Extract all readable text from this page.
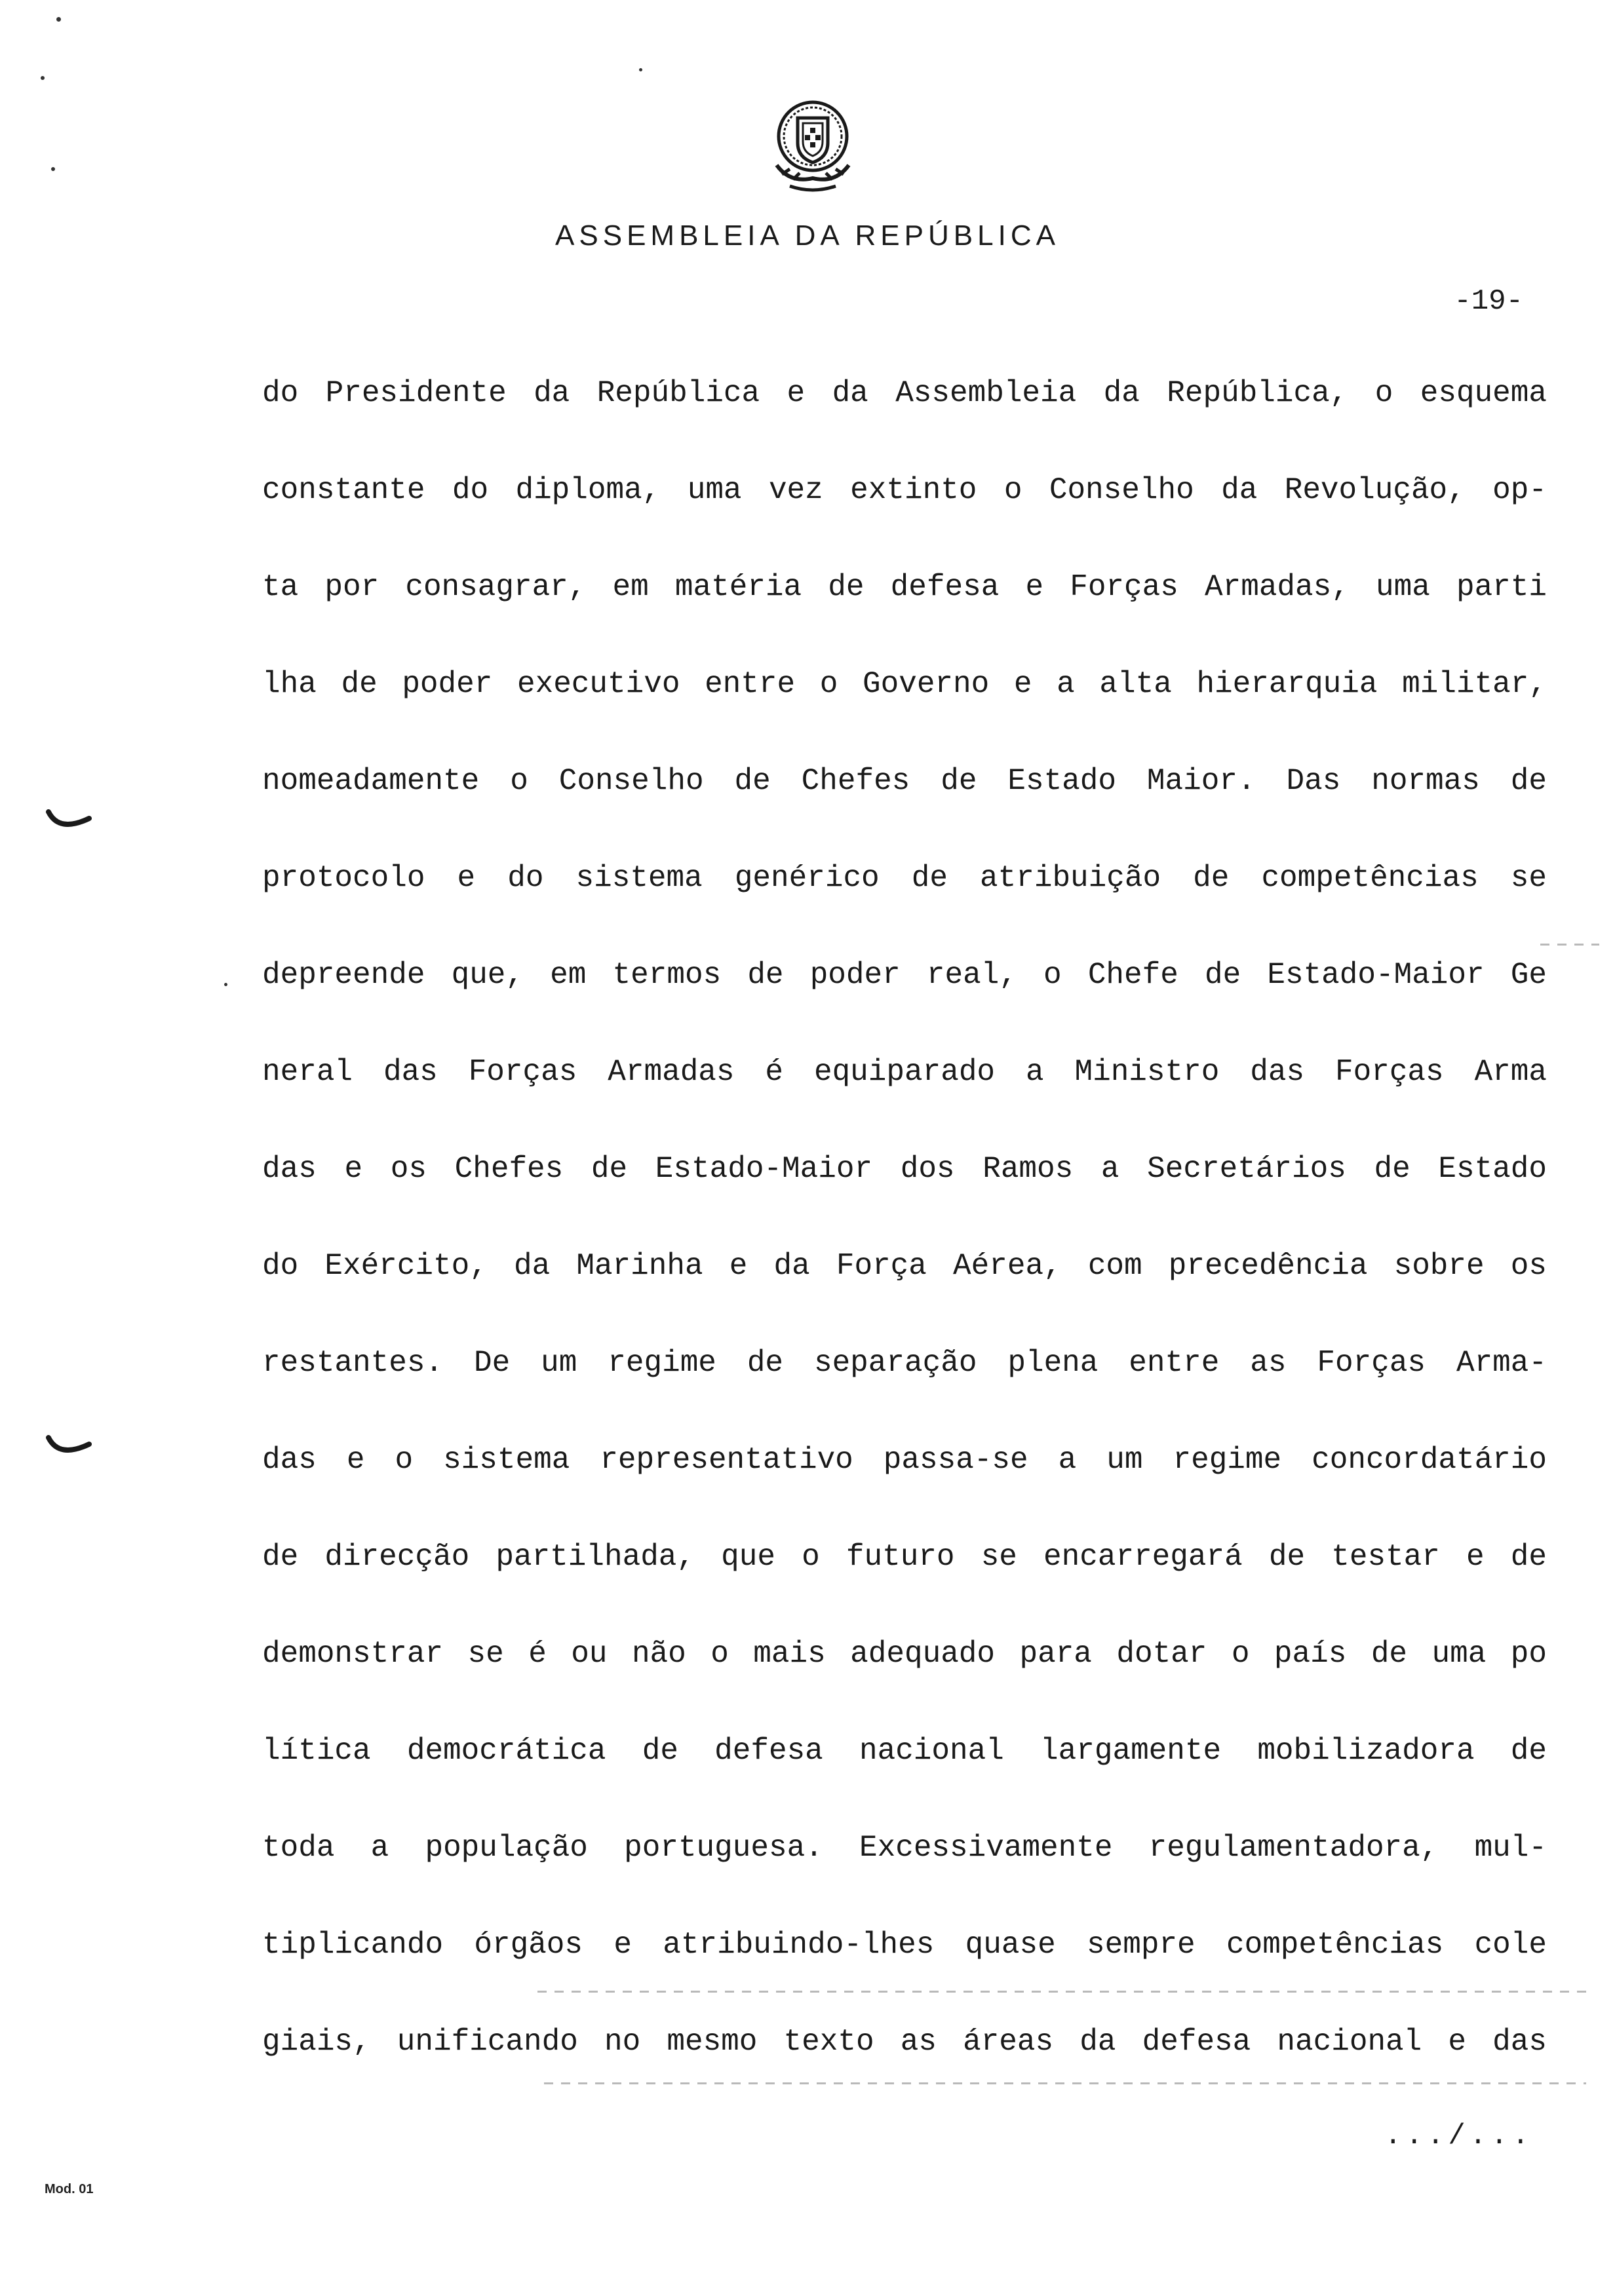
ASSEMBLEIA DA REPÚBLICA
-19-
do Presidente da República e da Assembleia da República, o esquema
constante do diploma, uma vez extinto o Conselho da Revolução, op-
ta por consagrar, em matéria de defesa e Forças Armadas, uma parti
lha de poder executivo entre o Governo e a alta hierarquia militar,
nomeadamente o Conselho de Chefes de Estado Maior. Das normas de
protocolo e do sistema genérico de atribuição de competências se
depreende que, em termos de poder real, o Chefe de Estado-Maior Ge
neral das Forças Armadas é equiparado a Ministro das Forças Arma
das e os Chefes de Estado-Maior dos Ramos a Secretários de Estado
do Exército, da Marinha e da Força Aérea, com precedência sobre os
restantes. De um regime de separação plena entre as Forças Arma-
das e o sistema representativo passa-se a um regime concordatário
de direcção partilhada, que o futuro se encarregará de testar e de
demonstrar se é ou não o mais adequado para dotar o país de uma po
lítica democrática de defesa nacional largamente mobilizadora de
toda a população portuguesa. Excessivamente regulamentadora, mul-
tiplicando órgãos e atribuindo-lhes quase sempre competências cole
giais, unificando no mesmo texto as áreas da defesa nacional e das
.../...
Mod. 01
